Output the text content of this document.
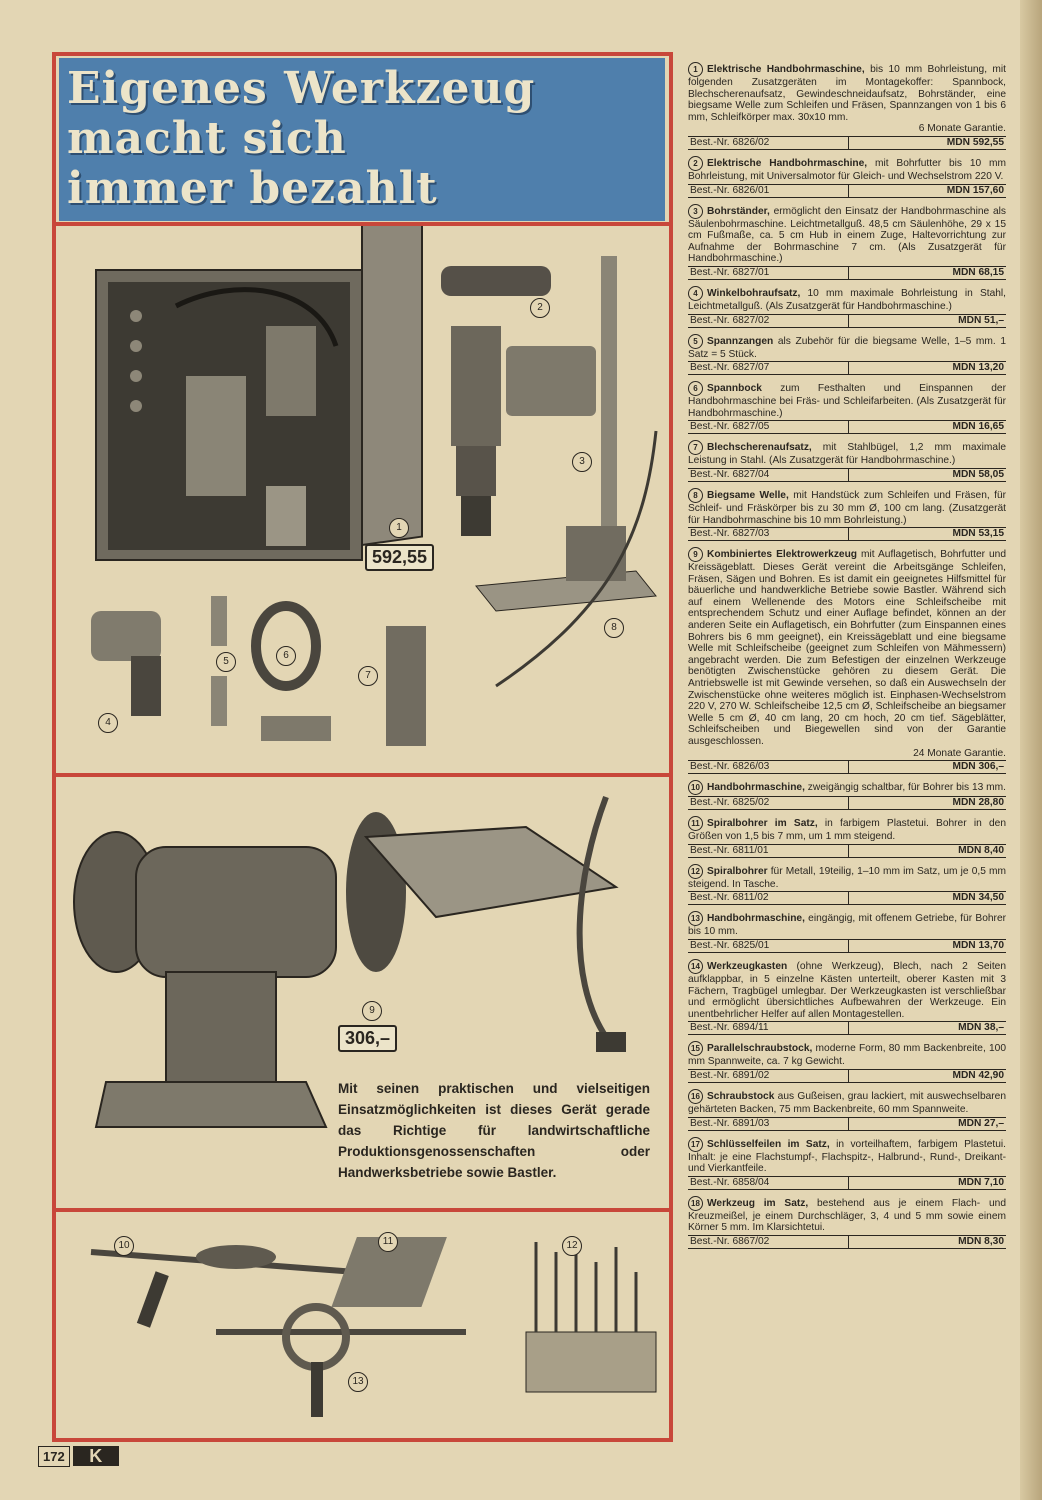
Eigenes Werkzeug
macht sich
immer bezahlt
592,55
1
2
3
4
5
6
7
8
306,–
9
Mit seinen praktischen und vielseitigen Einsatzmöglichkeiten ist dieses Gerät gerade das Richtige für landwirtschaftliche Produktionsgenossenschaften oder Handwerksbetriebe sowie Bastler.
10	11	12
13
1 Elektrische Handbohrmaschine, bis 10 mm Bohrleistung, mit folgenden Zusatzgeräten im Montagekoffer: Spannbock, Blechscherenaufsatz, Gewindeschneidaufsatz, Bohrständer, eine biegsame Welle zum Schleifen und Fräsen, Spannzangen von 1 bis 6 mm, Schleifkörper max. 30x10 mm.
6 Monate Garantie.
Best.-Nr. 6826/02	MDN 592,55
2 Elektrische Handbohrmaschine, mit Bohrfutter bis 10 mm Bohrleistung, mit Universalmotor für Gleich- und Wechselstrom 220 V.
Best.-Nr. 6826/01	MDN 157,60
3 Bohrständer, ermöglicht den Einsatz der Handbohrmaschine als Säulenbohrmaschine. Leichtmetallguß. 48,5 cm Säulenhöhe, 29 x 15 cm Fußmaße, ca. 5 cm Hub in einem Zuge, Haltevorrichtung zur Aufnahme der Bohrmaschine 7 cm. (Als Zusatzgerät für Handbohrmaschine.)
Best.-Nr. 6827/01	MDN 68,15
4 Winkelbohraufsatz, 10 mm maximale Bohrleistung in Stahl, Leichtmetallguß. (Als Zusatzgerät für Handbohrmaschine.)
Best.-Nr. 6827/02	MDN 51,–
5 Spannzangen als Zubehör für die biegsame Welle, 1–5 mm. 1 Satz = 5 Stück.
Best.-Nr. 6827/07	MDN 13,20
6 Spannbock zum Festhalten und Einspannen der Handbohrmaschine bei Fräs- und Schleifarbeiten. (Als Zusatzgerät für Handbohrmaschine.)
Best.-Nr. 6827/05	MDN 16,65
7 Blechscherenaufsatz, mit Stahlbügel, 1,2 mm maximale Leistung in Stahl. (Als Zusatzgerät für Handbohrmaschine.)
Best.-Nr. 6827/04	MDN 58,05
8 Biegsame Welle, mit Handstück zum Schleifen und Fräsen, für Schleif- und Fräskörper bis zu 30 mm Ø, 100 cm lang. (Zusatzgerät für Handbohrmaschine bis 10 mm Bohrleistung.)
Best.-Nr. 6827/03	MDN 53,15
9 Kombiniertes Elektrowerkzeug mit Auflagetisch, Bohrfutter und Kreissägeblatt. Dieses Gerät vereint die Arbeitsgänge Schleifen, Fräsen, Sägen und Bohren. Es ist damit ein geeignetes Hilfsmittel für bäuerliche und handwerkliche Betriebe sowie Bastler. Während sich auf einem Wellenende des Motors eine Schleifscheibe mit entsprechendem Schutz und einer Auflage befindet, können an der anderen Seite ein Auflagetisch, ein Bohrfutter (zum Einspannen eines Bohrers bis 6 mm geeignet), ein Kreissägeblatt und eine biegsame Welle mit Schleifscheibe (geeignet zum Schleifen von Mähmessern) angebracht werden. Die zum Befestigen der einzelnen Werkzeuge benötigten Zwischenstücke gehören zu diesem Gerät. Die Antriebswelle ist mit Gewinde versehen, so daß ein Auswechseln der Zwischenstücke ohne weiteres möglich ist. Einphasen-Wechselstrom 220 V, 270 W. Schleifscheibe 12,5 cm Ø, Schleifscheibe an biegsamer Welle 5 cm Ø, 40 cm lang, 20 cm hoch, 20 cm tief. Sägeblätter, Schleifscheiben und Biegewellen sind von der Garantie ausgeschlossen.
24 Monate Garantie.
Best.-Nr. 6826/03	MDN 306,–
10 Handbohrmaschine, zweigängig schaltbar, für Bohrer bis 13 mm.
Best.-Nr. 6825/02	MDN 28,80
11 Spiralbohrer im Satz, in farbigem Plastetui. Bohrer in den Größen von 1,5 bis 7 mm, um 1 mm steigend.
Best.-Nr. 6811/01	MDN 8,40
12 Spiralbohrer für Metall, 19teilig, 1–10 mm im Satz, um je 0,5 mm steigend. In Tasche.
Best.-Nr. 6811/02	MDN 34,50
13 Handbohrmaschine, eingängig, mit offenem Getriebe, für Bohrer bis 10 mm.
Best.-Nr. 6825/01	MDN 13,70
14 Werkzeugkasten (ohne Werkzeug), Blech, nach 2 Seiten aufklappbar, in 5 einzelne Kästen unterteilt, oberer Kasten mit 3 Fächern, Tragbügel umlegbar. Der Werkzeugkasten ist verschließbar und ermöglicht übersichtliches Aufbewahren der Werkzeuge. Ein unentbehrlicher Helfer auf allen Montagestellen.
Best.-Nr. 6894/11	MDN 38,–
15 Parallelschraubstock, moderne Form, 80 mm Backenbreite, 100 mm Spannweite, ca. 7 kg Gewicht.
Best.-Nr. 6891/02	MDN 42,90
16 Schraubstock aus Gußeisen, grau lackiert, mit auswechselbaren gehärteten Backen, 75 mm Backenbreite, 60 mm Spannweite.
Best.-Nr. 6891/03	MDN 27,–
17 Schlüsselfeilen im Satz, in vorteilhaftem, farbigem Plastetui. Inhalt: je eine Flachstumpf-, Flachspitz-, Halbrund-, Rund-, Dreikant- und Vierkantfeile.
Best.-Nr. 6858/04	MDN 7,10
18 Werkzeug im Satz, bestehend aus je einem Flach- und Kreuzmeißel, je einem Durchschläger, 3, 4 und 5 mm sowie einem Körner 5 mm. Im Klarsichtetui.
Best.-Nr. 6867/02	MDN 8,30
172	K
